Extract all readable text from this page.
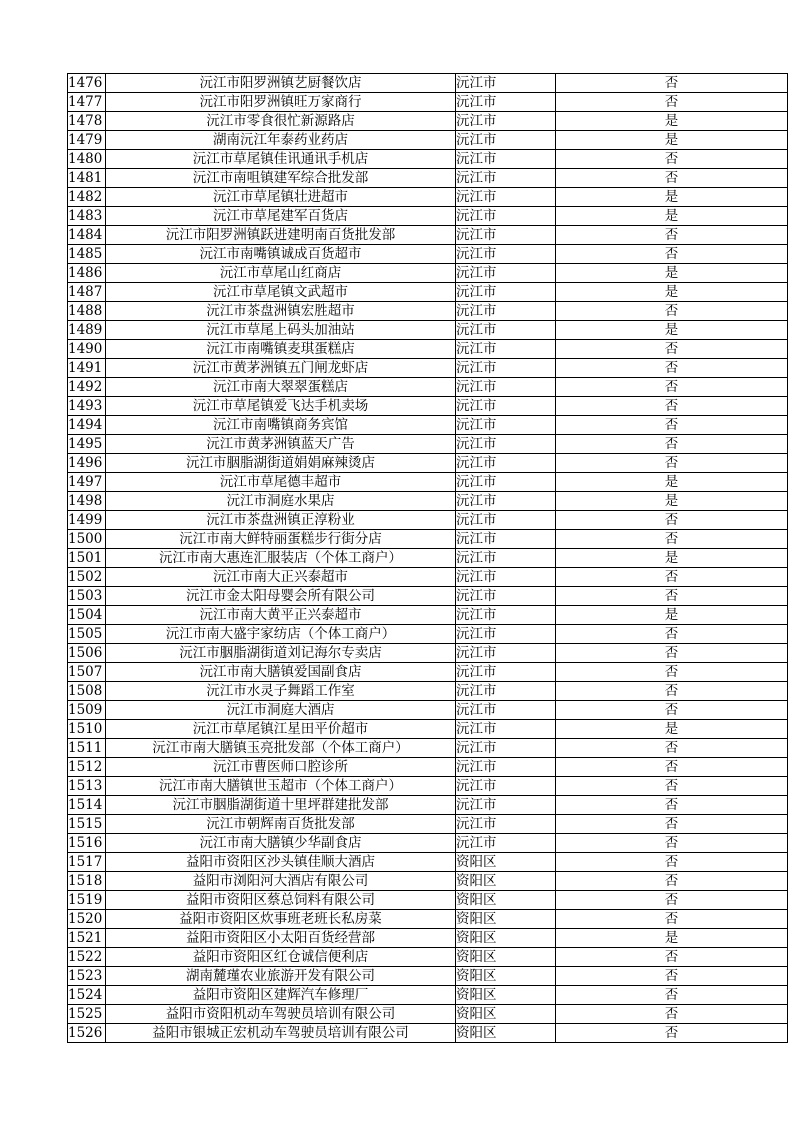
1476	沅江市阳罗洲镇艺厨餐饮店	沅江市	否
1477	沅江市阳罗洲镇旺万家商行	沅江市	否
1478	沅江市零食很忙新源路店	沅江市	是
1479	湖南沅江年泰药业药店	沅江市	是
1480	沅江市草尾镇佳讯通讯手机店	沅江市	否
1481	沅江市南咀镇建军综合批发部	沅江市	否
1482	沅江市草尾镇壮进超市	沅江市	是
1483	沅江市草尾建军百货店	沅江市	是
1484	沅江市阳罗洲镇跃进建明南百货批发部	沅江市	否
1485	沅江市南嘴镇诚成百货超市	沅江市	否
1486	沅江市草尾山红商店	沅江市	是
1487	沅江市草尾镇文武超市	沅江市	是
1488	沅江市茶盘洲镇宏胜超市	沅江市	否
1489	沅江市草尾上码头加油站	沅江市	是
1490	沅江市南嘴镇麦琪蛋糕店	沅江市	否
1491	沅江市黄茅洲镇五门闸龙虾店	沅江市	否
1492	沅江市南大翠翠蛋糕店	沅江市	否
1493	沅江市草尾镇爱飞达手机卖场	沅江市	否
1494	沅江市南嘴镇商务宾馆	沅江市	否
1495	沅江市黄茅洲镇蓝天广告	沅江市	否
1496	沅江市胭脂湖街道娟娟麻辣烫店	沅江市	否
1497	沅江市草尾德丰超市	沅江市	是
1498	沅江市洞庭水果店	沅江市	是
1499	沅江市茶盘洲镇正淳粉业	沅江市	否
1500	沅江市南大鲜特丽蛋糕步行街分店	沅江市	否
1501	沅江市南大惠连汇服装店（个体工商户）	沅江市	是
1502	沅江市南大正兴泰超市	沅江市	否
1503	沅江市金太阳母婴会所有限公司	沅江市	否
1504	沅江市南大黄平正兴泰超市	沅江市	是
1505	沅江市南大盛宇家纺店（个体工商户）	沅江市	否
1506	沅江市胭脂湖街道刘记海尔专卖店	沅江市	否
1507	沅江市南大膳镇爱国副食店	沅江市	否
1508	沅江市水灵子舞蹈工作室	沅江市	否
1509	沅江市洞庭大酒店	沅江市	否
1510	沅江市草尾镇江星田平价超市	沅江市	是
1511	沅江市南大膳镇玉亮批发部（个体工商户）	沅江市	否
1512	沅江市曹医师口腔诊所	沅江市	否
1513	沅江市南大膳镇世玉超市（个体工商户）	沅江市	否
1514	沅江市胭脂湖街道十里坪群建批发部	沅江市	否
1515	沅江市朝辉南百货批发部	沅江市	否
1516	沅江市南大膳镇少华副食店	沅江市	否
1517	益阳市资阳区沙头镇佳顺大酒店	资阳区	否
1518	益阳市浏阳河大酒店有限公司	资阳区	否
1519	益阳市资阳区蔡总饲料有限公司	资阳区	否
1520	益阳市资阳区炊事班老班长私房菜	资阳区	否
1521	益阳市资阳区小太阳百货经营部	资阳区	是
1522	益阳市资阳区红仓诚信便利店	资阳区	否
1523	湖南麓瑾农业旅游开发有限公司	资阳区	否
1524	益阳市资阳区建辉汽车修理厂	资阳区	否
1525	益阳市资阳机动车驾驶员培训有限公司	资阳区	否
1526	益阳市银城正宏机动车驾驶员培训有限公司	资阳区	否
